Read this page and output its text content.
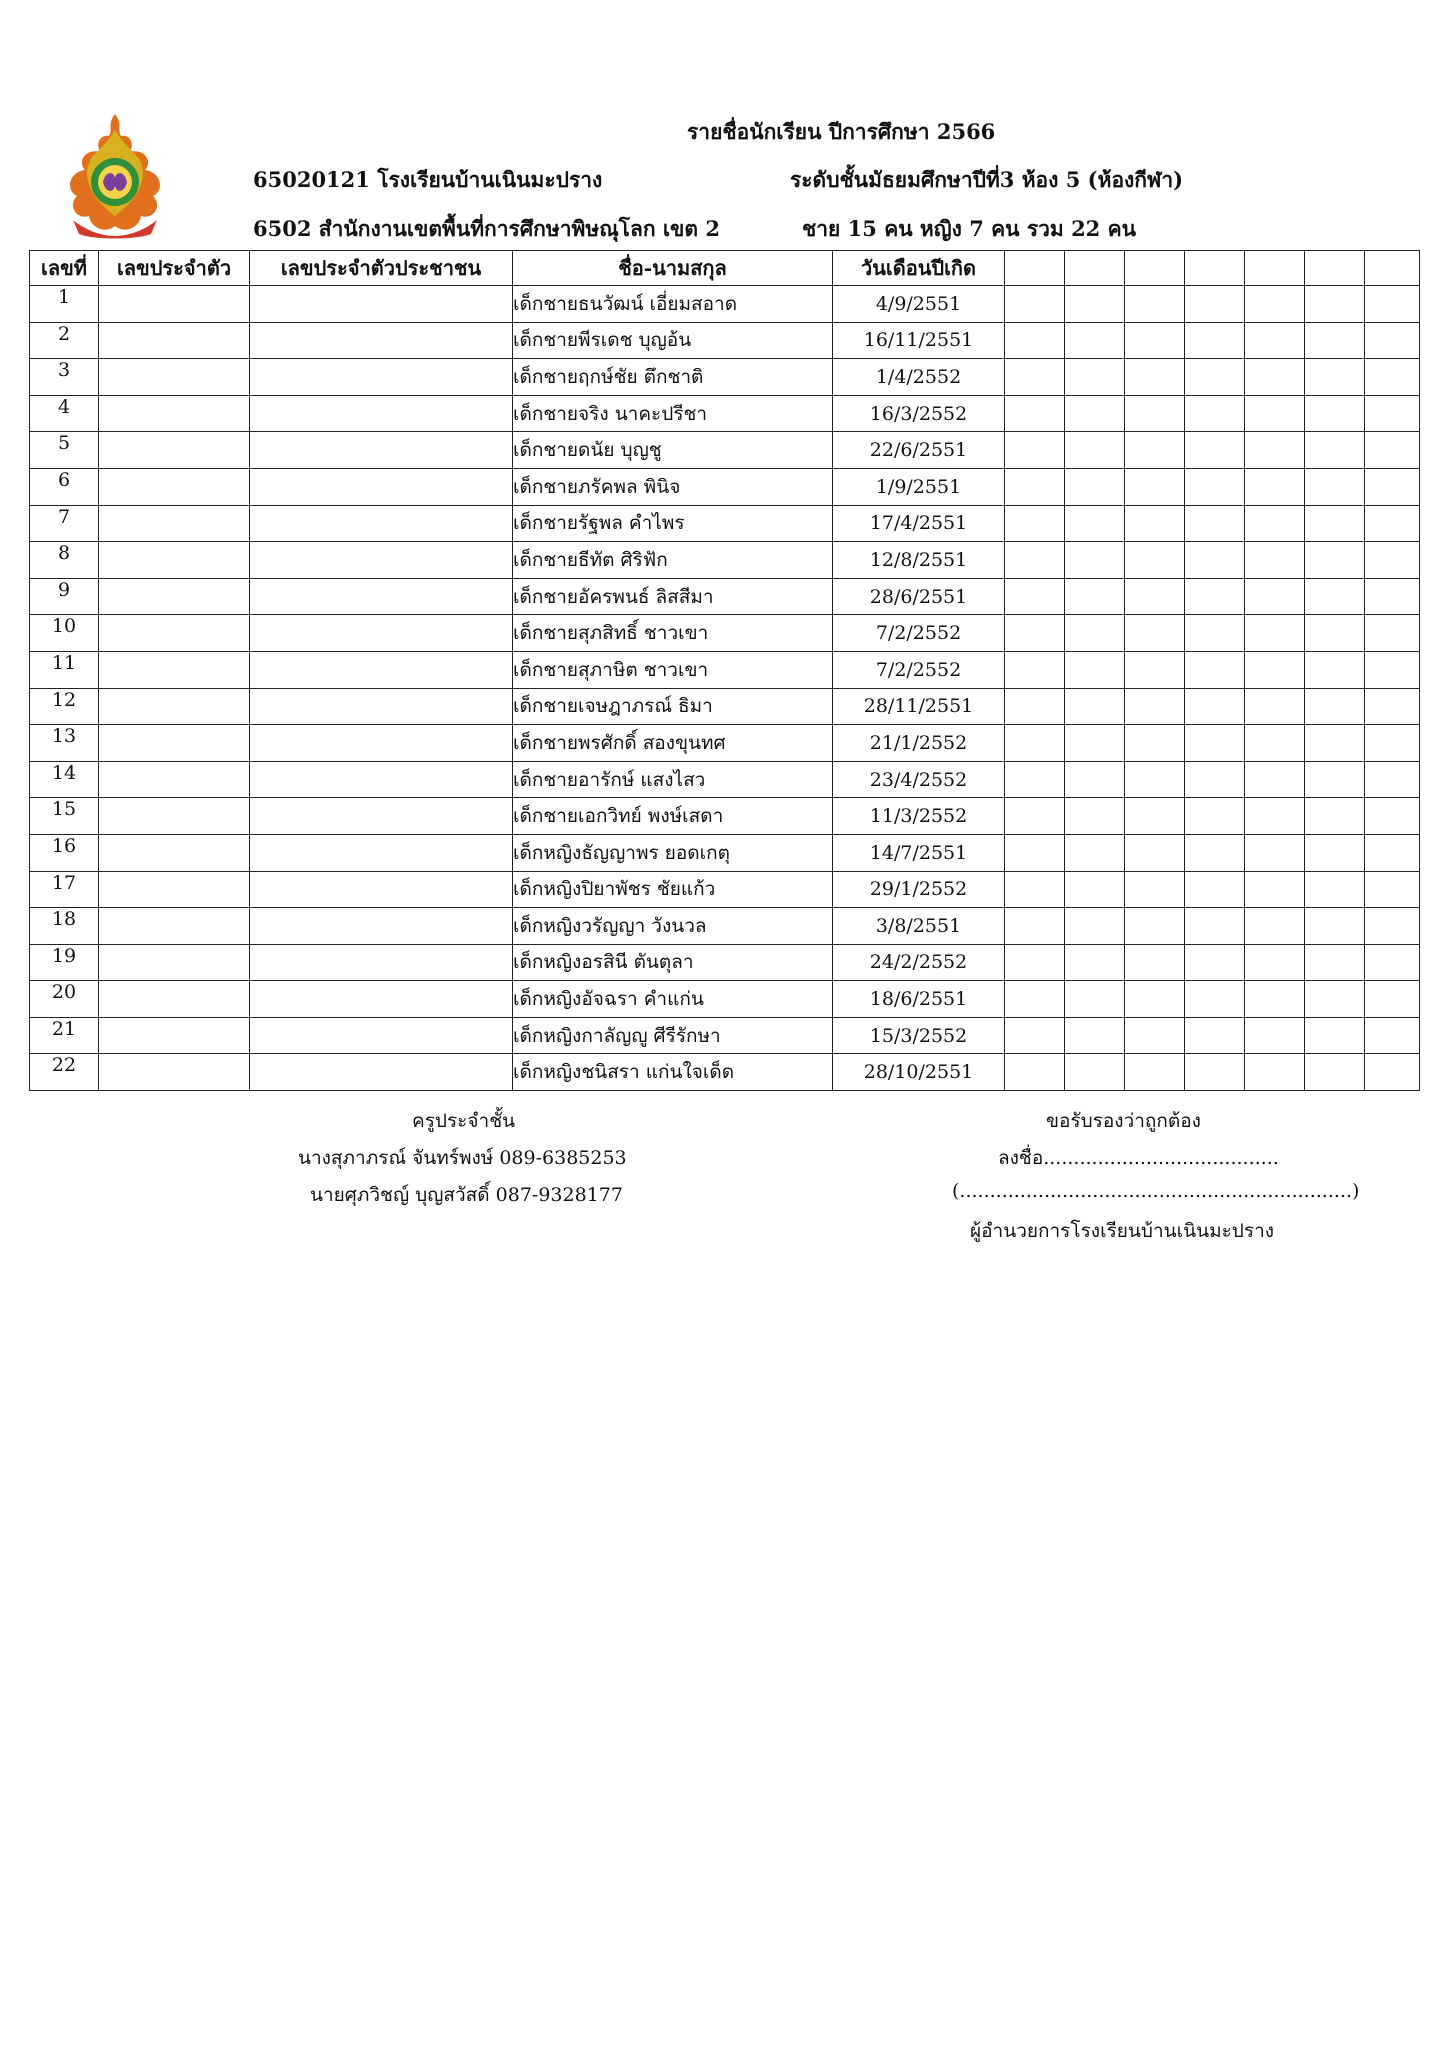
รายชื่อนักเรียน ปีการศึกษา 2566
65020121 โรงเรียนบ้านเนินมะปราง	ระดับชั้นมัธยมศึกษาปีที่3 ห้อง 5 (ห้องกีฬา)
6502 สำนักงานเขตพื้นที่การศึกษาพิษณุโลก เขต 2	ชาย 15 คน หญิง 7 คน รวม 22 คน
เลขที่	เลขประจำตัว	เลขประจำตัวประชาชน	ชื่อ-นามสกุล	วันเดือนปีเกิด							
1			เด็กชายธนวัฒน์ เอี่ยมสอาด	4/9/2551							
2			เด็กชายพีรเดช บุญอ้น	16/11/2551							
3			เด็กชายฤกษ์ชัย ตึกชาติ	1/4/2552							
4			เด็กชายจริง นาคะปรีชา	16/3/2552							
5			เด็กชายดนัย บุญชู	22/6/2551							
6			เด็กชายภรัคพล พินิจ	1/9/2551							
7			เด็กชายรัฐพล คำไพร	17/4/2551							
8			เด็กชายธีทัต ศิริฟัก	12/8/2551							
9			เด็กชายอัครพนธ์ ลิสสีมา	28/6/2551							
10			เด็กชายสุภสิทธิ์ ชาวเขา	7/2/2552							
11			เด็กชายสุภาษิต ชาวเขา	7/2/2552							
12			เด็กชายเจษฎาภรณ์ ธิมา	28/11/2551							
13			เด็กชายพรศักดิ์ สองขุนทศ	21/1/2552							
14			เด็กชายอารักษ์ แสงไสว	23/4/2552							
15			เด็กชายเอกวิทย์ พงษ์เสดา	11/3/2552							
16			เด็กหญิงธัญญาพร ยอดเกตุ	14/7/2551							
17			เด็กหญิงปิยาพัชร ชัยแก้ว	29/1/2552							
18			เด็กหญิงวรัญญา วังนวล	3/8/2551							
19			เด็กหญิงอรสินี ตันตุลา	24/2/2552							
20			เด็กหญิงอัจฉรา คำแก่น	18/6/2551							
21			เด็กหญิงกาลัญญู ศีรีรักษา	15/3/2552							
22			เด็กหญิงชนิสรา แก่นใจเด็ด	28/10/2551							
ครูประจำชั้น
นางสุภาภรณ์ จันทร์พงษ์ 089-6385253
นายศุภวิชญ์ บุญสวัสดิ์ 087-9328177
ขอรับรองว่าถูกต้อง
ลงชื่อ.......................................
(.................................................................)
ผู้อำนวยการโรงเรียนบ้านเนินมะปราง
